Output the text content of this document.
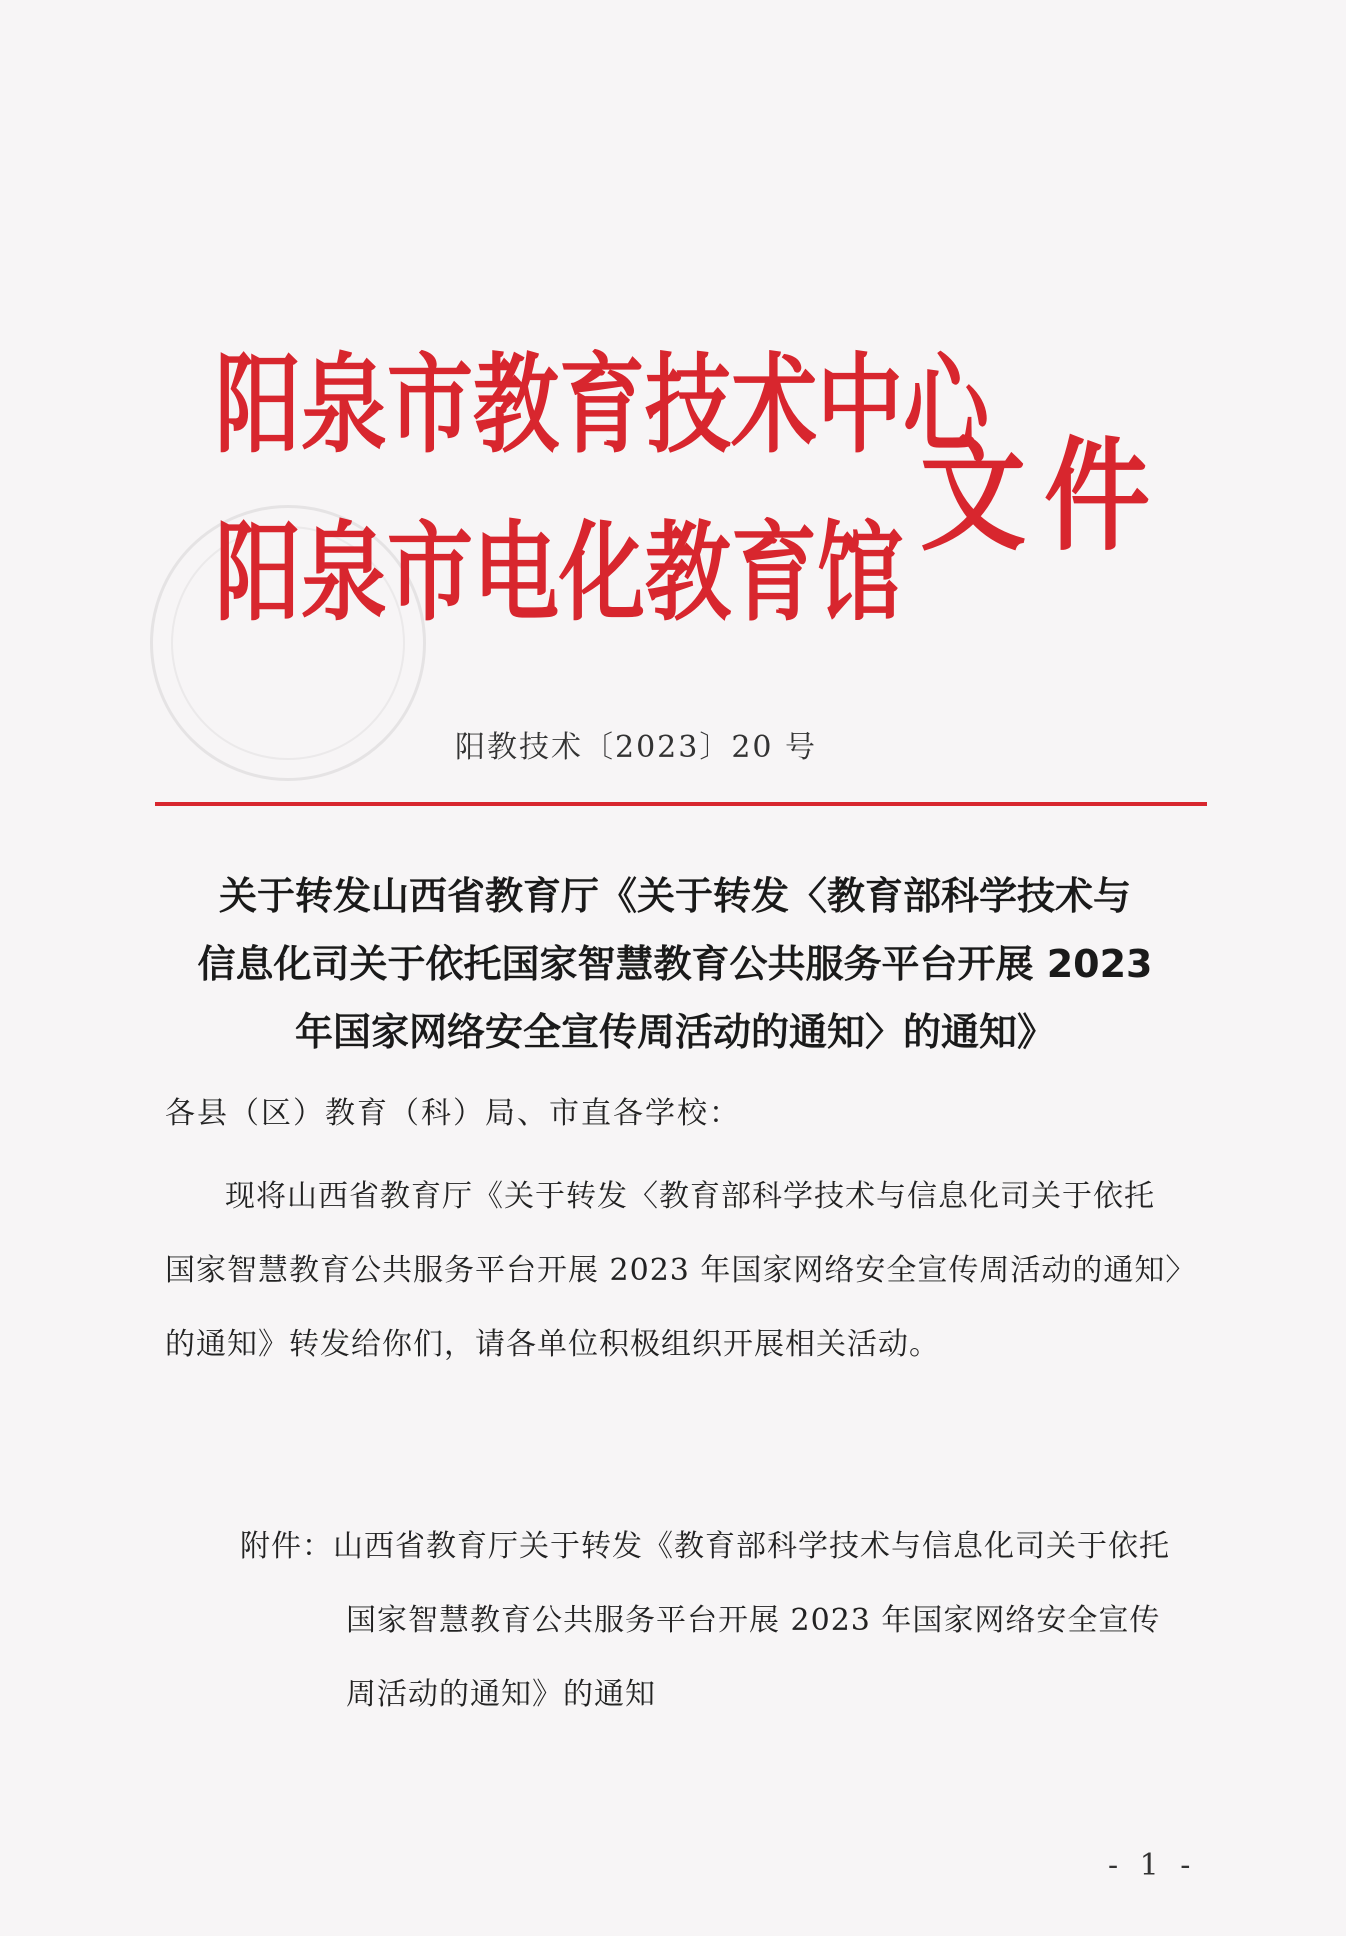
阳泉市教育技术中心
阳泉市电化教育馆
文件
阳教技术〔2023〕20 号
关于转发山西省教育厅《关于转发〈教育部科学技术与
信息化司关于依托国家智慧教育公共服务平台开展 2023
年国家网络安全宣传周活动的通知〉的通知》
各县（区）教育（科）局、市直各学校：
现将山西省教育厅《关于转发〈教育部科学技术与信息化司关于依托国家智慧教育公共服务平台开展 2023 年国家网络安全宣传周活动的通知〉的通知》转发给你们，请各单位积极组织开展相关活动。
附件：山西省教育厅关于转发《教育部科学技术与信息化司关于依托国家智慧教育公共服务平台开展 2023 年国家网络安全宣传周活动的通知》的通知
- 1 -
